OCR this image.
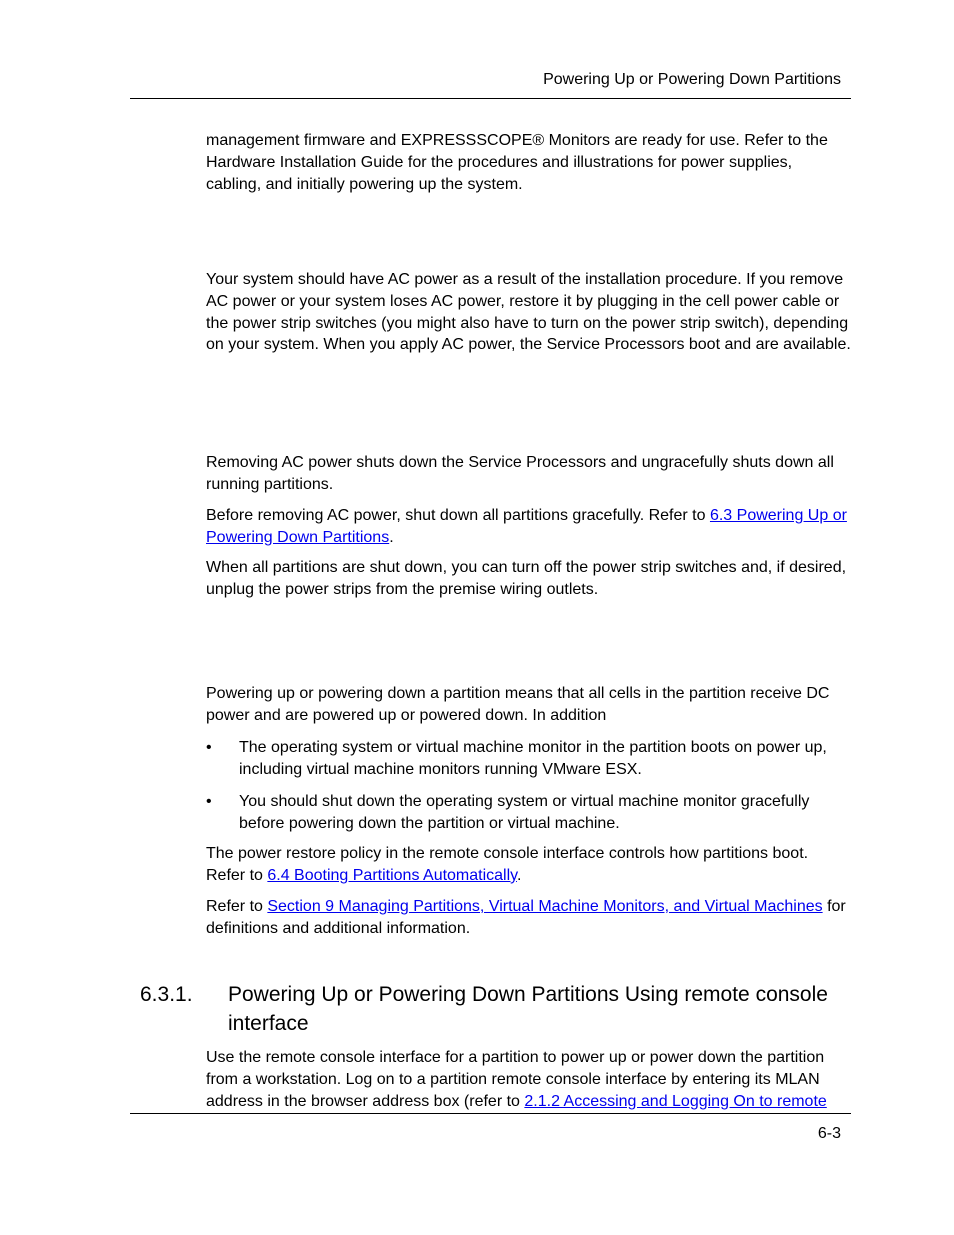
Powering Up or Powering Down Partitions
management firmware and EXPRESSSCOPE® Monitors are ready for use. Refer to the Hardware Installation Guide for the procedures and illustrations for power supplies, cabling, and initially powering up the system.
Your system should have AC power as a result of the installation procedure. If you remove AC power or your system loses AC power, restore it by plugging in the cell power cable or the power strip switches (you might also have to turn on the power strip switch), depending on your system. When you apply AC power, the Service Processors boot and are available.
Removing AC power shuts down the Service Processors and ungracefully shuts down all running partitions.
Before removing AC power, shut down all partitions gracefully. Refer to 6.3 Powering Up or Powering Down Partitions.
When all partitions are shut down, you can turn off the power strip switches and, if desired, unplug the power strips from the premise wiring outlets.
Powering up or powering down a partition means that all cells in the partition receive DC power and are powered up or powered down. In addition
• The operating system or virtual machine monitor in the partition boots on power up, including virtual machine monitors running VMware ESX.
• You should shut down the operating system or virtual machine monitor gracefully before powering down the partition or virtual machine.
The power restore policy in the remote console interface controls how partitions boot. Refer to 6.4 Booting Partitions Automatically.
Refer to Section 9 Managing Partitions, Virtual Machine Monitors, and Virtual Machines for definitions and additional information.
6.3.1. Powering Up or Powering Down Partitions Using remote console
interface
Use the remote console interface for a partition to power up or power down the partition from a workstation. Log on to a partition remote console interface by entering its MLAN address in the browser address box (refer to 2.1.2 Accessing and Logging On to remote
6-3
